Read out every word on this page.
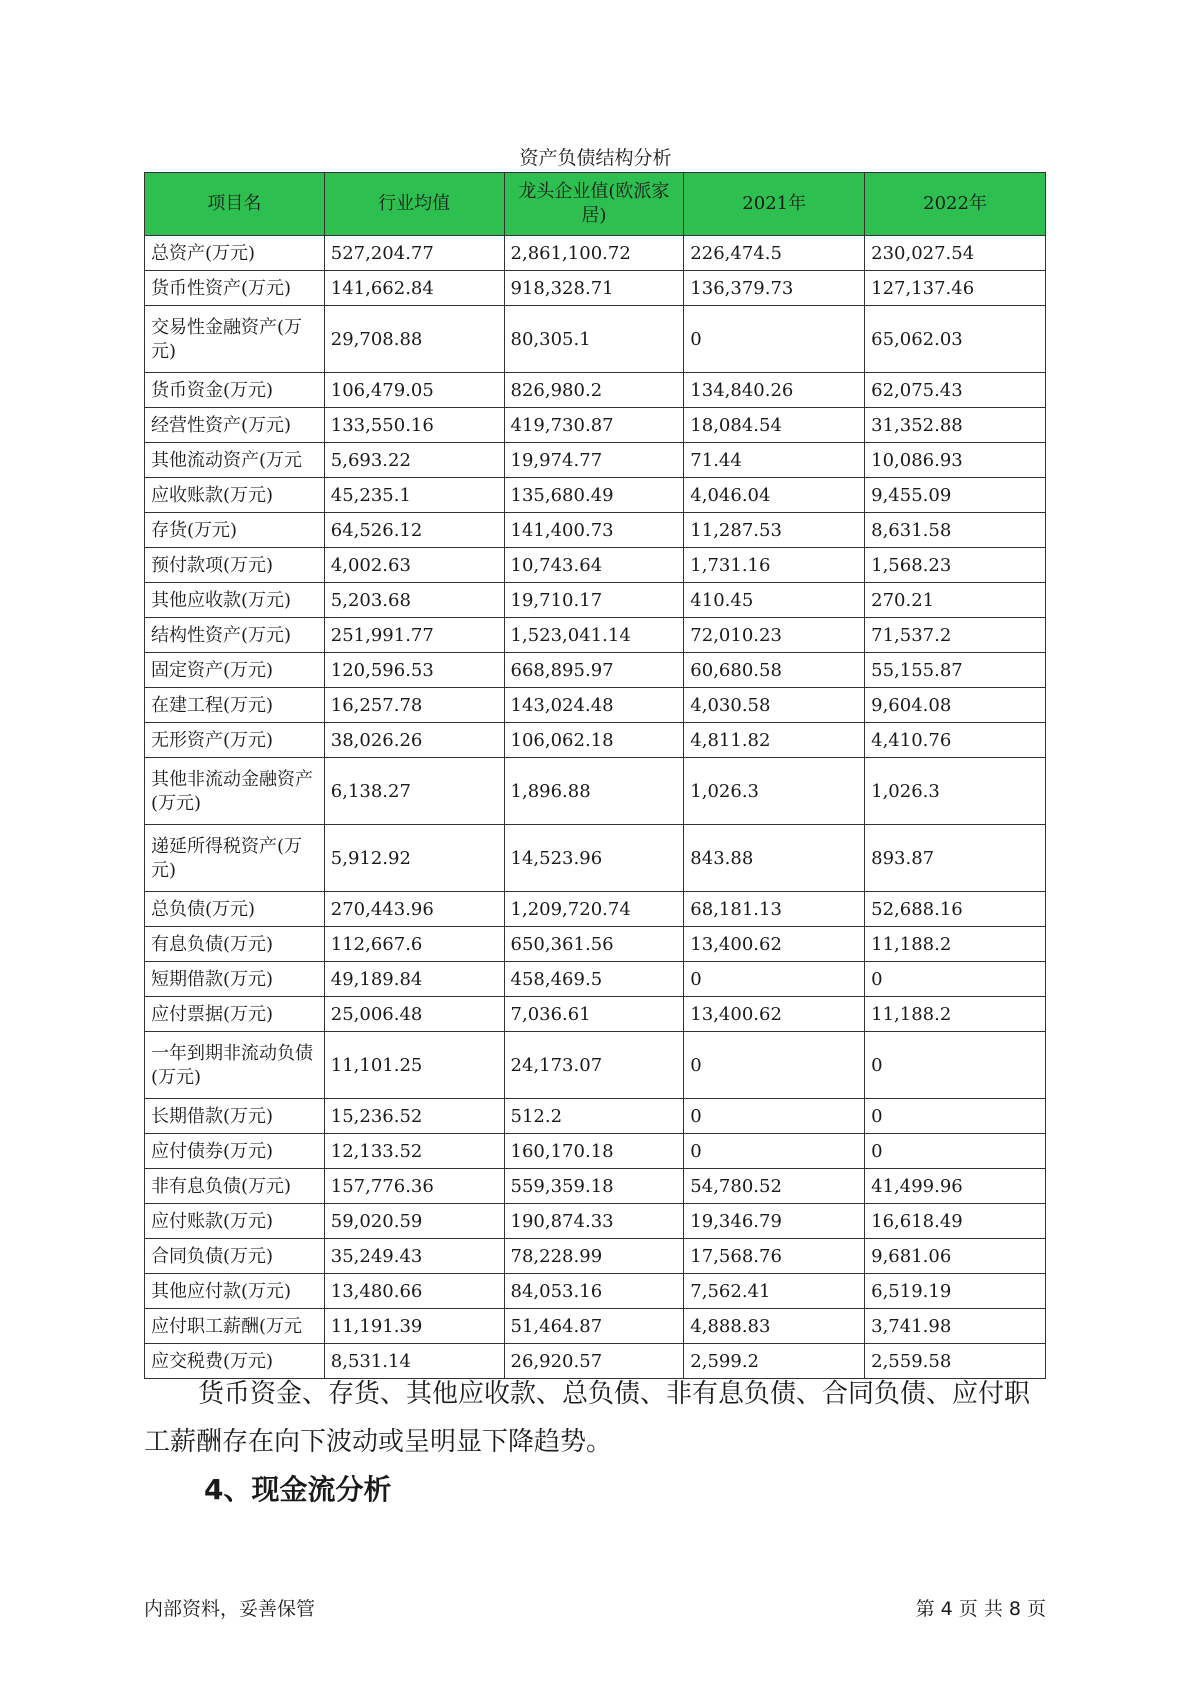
资产负债结构分析
项目名	行业均值	龙头企业值(欧派家居)	2021年	2022年
总资产(万元)	527,204.77	2,861,100.72	226,474.5	230,027.54
货币性资产(万元)	141,662.84	918,328.71	136,379.73	127,137.46
交易性金融资产(万元)	29,708.88	80,305.1	0	65,062.03
货币资金(万元)	106,479.05	826,980.2	134,840.26	62,075.43
经营性资产(万元)	133,550.16	419,730.87	18,084.54	31,352.88
其他流动资产(万元	5,693.22	19,974.77	71.44	10,086.93
应收账款(万元)	45,235.1	135,680.49	4,046.04	9,455.09
存货(万元)	64,526.12	141,400.73	11,287.53	8,631.58
预付款项(万元)	4,002.63	10,743.64	1,731.16	1,568.23
其他应收款(万元)	5,203.68	19,710.17	410.45	270.21
结构性资产(万元)	251,991.77	1,523,041.14	72,010.23	71,537.2
固定资产(万元)	120,596.53	668,895.97	60,680.58	55,155.87
在建工程(万元)	16,257.78	143,024.48	4,030.58	9,604.08
无形资产(万元)	38,026.26	106,062.18	4,811.82	4,410.76
其他非流动金融资产(万元)	6,138.27	1,896.88	1,026.3	1,026.3
递延所得税资产(万元)	5,912.92	14,523.96	843.88	893.87
总负债(万元)	270,443.96	1,209,720.74	68,181.13	52,688.16
有息负债(万元)	112,667.6	650,361.56	13,400.62	11,188.2
短期借款(万元)	49,189.84	458,469.5	0	0
应付票据(万元)	25,006.48	7,036.61	13,400.62	11,188.2
一年到期非流动负债(万元)	11,101.25	24,173.07	0	0
长期借款(万元)	15,236.52	512.2	0	0
应付债券(万元)	12,133.52	160,170.18	0	0
非有息负债(万元)	157,776.36	559,359.18	54,780.52	41,499.96
应付账款(万元)	59,020.59	190,874.33	19,346.79	16,618.49
合同负债(万元)	35,249.43	78,228.99	17,568.76	9,681.06
其他应付款(万元)	13,480.66	84,053.16	7,562.41	6,519.19
应付职工薪酬(万元	11,191.39	51,464.87	4,888.83	3,741.98
应交税费(万元)	8,531.14	26,920.57	2,599.2	2,559.58
货币资金、存货、其他应收款、总负债、非有息负债、合同负债、应付职工薪酬存在向下波动或呈明显下降趋势。
4、现金流分析
内部资料，妥善保管	第 4 页 共 8 页
